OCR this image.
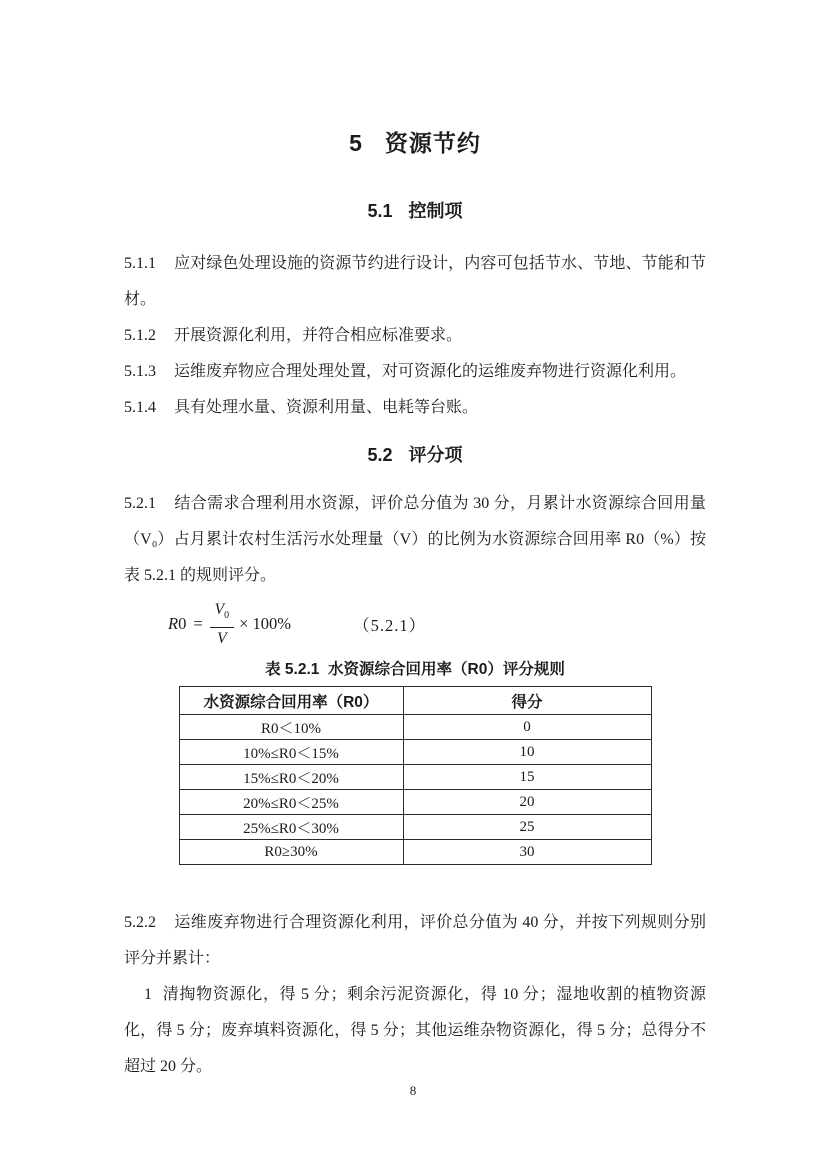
5 资源节约
5.1 控制项

5.1.1 应对绿色处理设施的资源节约进行设计，内容可包括节水、节地、节能和节材。

5.1.2 开展资源化利用，并符合相应标准要求。

5.1.3 运维废弃物应合理处理处置，对可资源化的运维废弃物进行资源化利用。

5.1.4 具有处理水量、资源利用量、电耗等台账。

5.2 评分项

5.2.1 结合需求合理利用水资源，评价总分值为 30 分，月累计水资源综合回用量（V₀）占月累计农村生活污水处理量（V）的比例为水资源综合回用率 R0（%）按表 5.2.1 的规则评分。

R $0 = \frac{V_0}{V} \times 100\%$	（5.2.1）
表 5.2.1 水资源综合回用率（R0）评分规则
水资源综合回用率（R0）	得分
R0＜10%	0
10%≤R0＜15%	10
15%≤R0＜20%	15
20%≤R0＜25%	20
25%≤R0＜30%	25
R0≥30%	30

5.2.2 运维废弃物进行合理资源化利用，评价总分值为 40 分，并按下列规则分别评分并累计：

1 清掏物资源化，得 5 分；剩余污泥资源化，得 10 分；湿地收割的植物资源化，得 5 分；废弃填料资源化，得 5 分；其他运维杂物资源化，得 5 分；总得分不超过 20 分。

8
